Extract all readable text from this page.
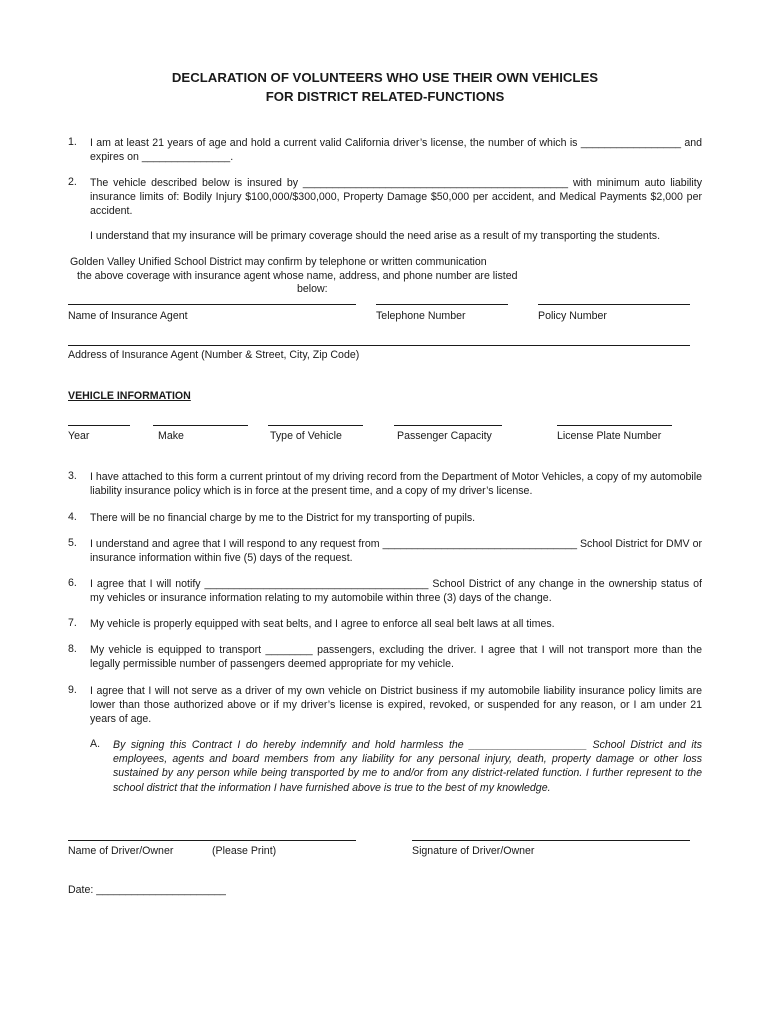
DECLARATION OF VOLUNTEERS WHO USE THEIR OWN VEHICLES
FOR DISTRICT RELATED-FUNCTIONS
1.	I am at least 21 years of age and hold a current valid California driver’s license, the number of which is _________________ and expires on _______________.
2.	The vehicle described below is insured by _____________________________________________ with minimum auto liability insurance limits of: Bodily Injury $100,000/$300,000, Property Damage $50,000 per accident, and Medical Payments $2,000 per accident.
I understand that my insurance will be primary coverage should the need arise as a result of my transporting the students.
Golden Valley Unified School District may confirm by telephone or written communication
the above coverage with insurance agent whose name, address, and phone number are listed
below:
Name of Insurance Agent	Telephone Number	Policy Number
Address of Insurance Agent (Number & Street, City, Zip Code)
VEHICLE INFORMATION
Year	Make	Type of Vehicle	Passenger Capacity	License Plate Number
3.	I have attached to this form a current printout of my driving record from the Department of Motor Vehicles, a copy of my automobile liability insurance policy which is in force at the present time, and a copy of my driver’s license.
4.	There will be no financial charge by me to the District for my transporting of pupils.
5.	I understand and agree that I will respond to any request from _________________________________ School District for DMV or insurance information within five (5) days of the request.
6.	I agree that I will notify ______________________________________ School District of any change in the ownership status of my vehicles or insurance information relating to my automobile within three (3) days of the change.
7.	My vehicle is properly equipped with seat belts, and I agree to enforce all seal belt laws at all times.
8.	My vehicle is equipped to transport ________ passengers, excluding the driver. I agree that I will not transport more than the legally permissible number of passengers deemed appropriate for my vehicle.
9.	I agree that I will not serve as a driver of my own vehicle on District business if my automobile liability insurance policy limits are lower than those authorized above or if my driver’s license is expired, revoked, or suspended for any reason, or I am under 21 years of age.
A. By signing this Contract I do hereby indemnify and hold harmless the ____________________ School District and its employees, agents and board members from any liability for any personal injury, death, property damage or other loss sustained by any person while being transported by me to and/or from any district-related function. I further represent to the school district that the information I have furnished above is true to the best of my knowledge.
Name of Driver/Owner	(Please Print)	Signature of Driver/Owner
Date: ______________________
